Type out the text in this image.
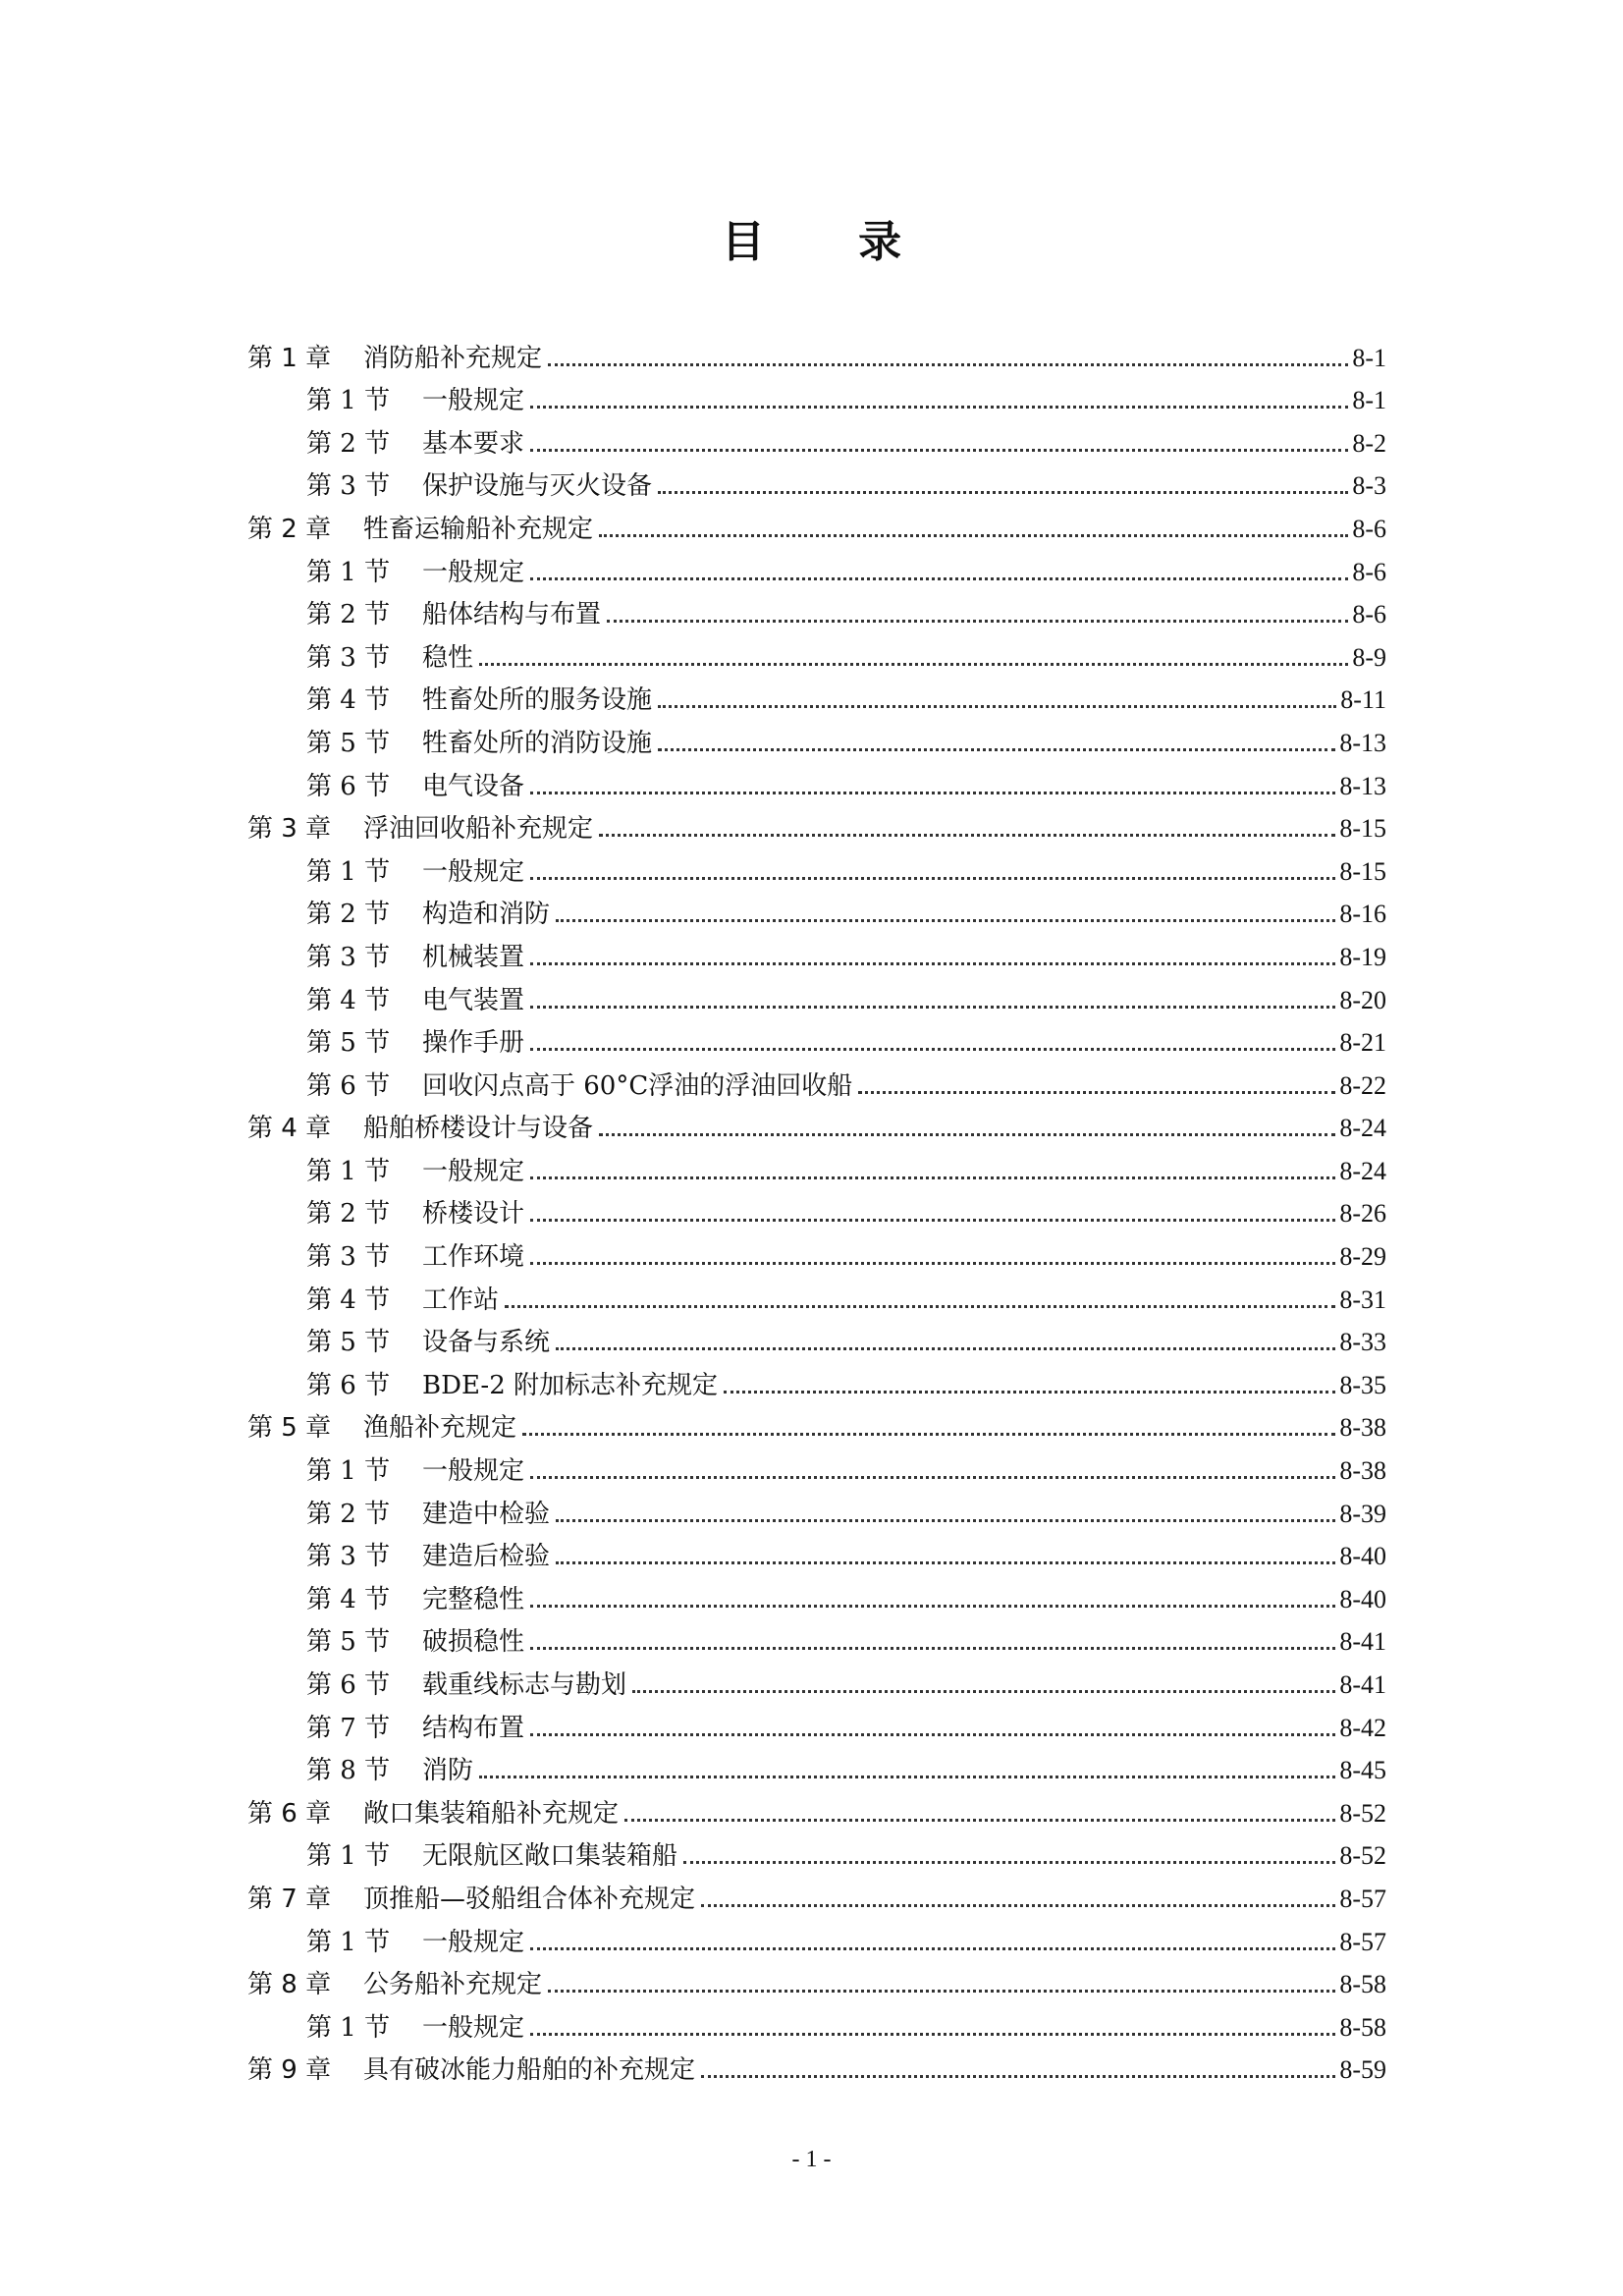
目 录
第 1 章	消防船补充规定	8-1
第 1 节	一般规定	8-1
第 2 节	基本要求	8-2
第 3 节	保护设施与灭火设备	8-3
第 2 章	牲畜运输船补充规定	8-6
第 1 节	一般规定	8-6
第 2 节	船体结构与布置	8-6
第 3 节	稳性	8-9
第 4 节	牲畜处所的服务设施	8-11
第 5 节	牲畜处所的消防设施	8-13
第 6 节	电气设备	8-13
第 3 章	浮油回收船补充规定	8-15
第 1 节	一般规定	8-15
第 2 节	构造和消防	8-16
第 3 节	机械装置	8-19
第 4 节	电气装置	8-20
第 5 节	操作手册	8-21
第 6 节	回收闪点高于 60°C浮油的浮油回收船	8-22
第 4 章	船舶桥楼设计与设备	8-24
第 1 节	一般规定	8-24
第 2 节	桥楼设计	8-26
第 3 节	工作环境	8-29
第 4 节	工作站	8-31
第 5 节	设备与系统	8-33
第 6 节	BDE-2 附加标志补充规定	8-35
第 5 章	渔船补充规定	8-38
第 1 节	一般规定	8-38
第 2 节	建造中检验	8-39
第 3 节	建造后检验	8-40
第 4 节	完整稳性	8-40
第 5 节	破损稳性	8-41
第 6 节	载重线标志与勘划	8-41
第 7 节	结构布置	8-42
第 8 节	消防	8-45
第 6 章	敞口集装箱船补充规定	8-52
第 1 节	无限航区敞口集装箱船	8-52
第 7 章	顶推船—驳船组合体补充规定	8-57
第 1 节	一般规定	8-57
第 8 章	公务船补充规定	8-58
第 1 节	一般规定	8-58
第 9 章	具有破冰能力船舶的补充规定	8-59
- 1 -
